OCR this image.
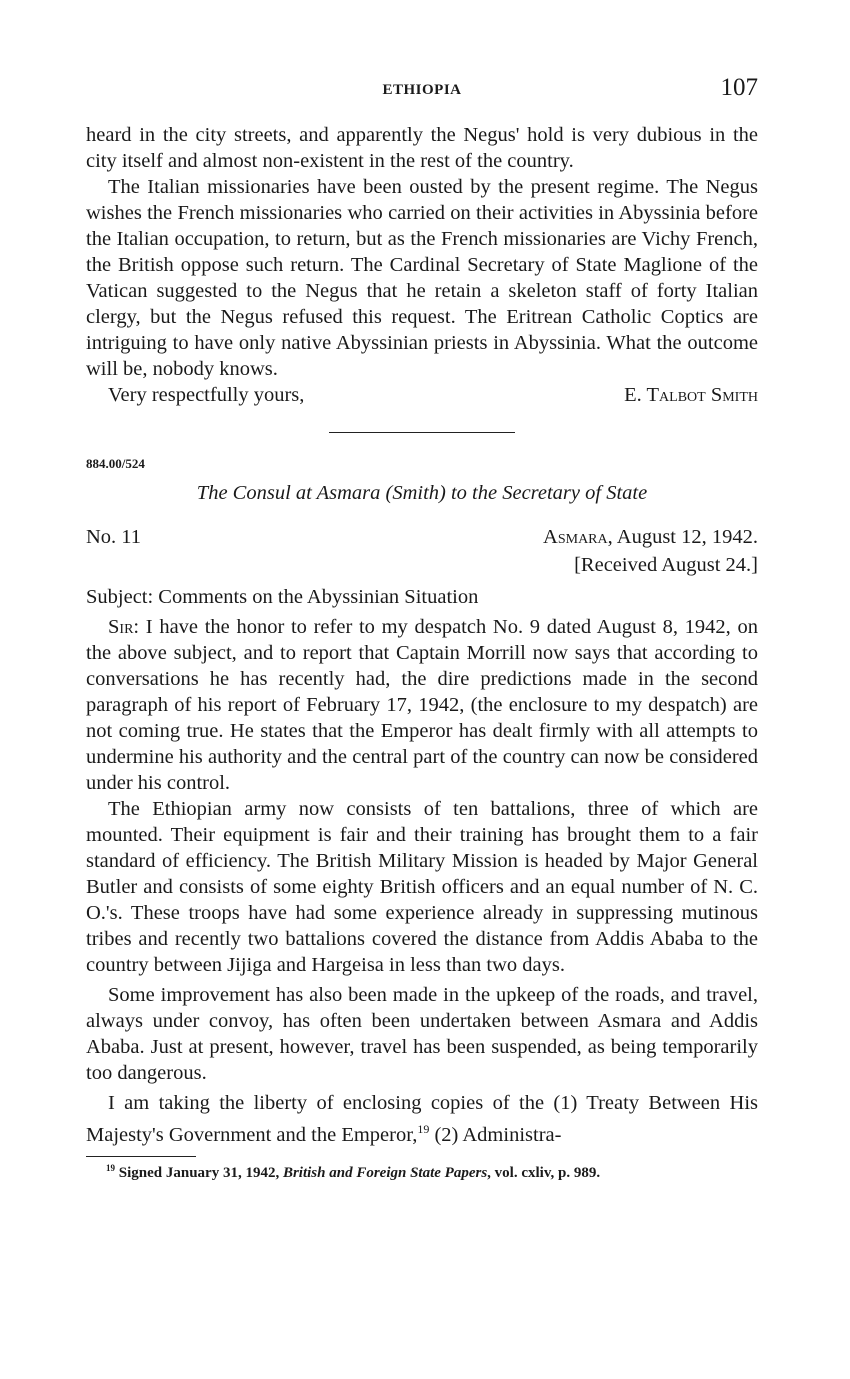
ETHIOPIA	107

heard in the city streets, and apparently the Negus' hold is very dubious in the city itself and almost non-existent in the rest of the country.

The Italian missionaries have been ousted by the present regime. The Negus wishes the French missionaries who carried on their activities in Abyssinia before the Italian occupation, to return, but as the French missionaries are Vichy French, the British oppose such return. The Cardinal Secretary of State Maglione of the Vatican suggested to the Negus that he retain a skeleton staff of forty Italian clergy, but the Negus refused this request. The Eritrean Catholic Coptics are intriguing to have only native Abyssinian priests in Abyssinia. What the outcome will be, nobody knows.

Very respectfully yours,	E. Talbot Smith
884.00/524
The Consul at Asmara (Smith) to the Secretary of State
No. 11	Asmara, August 12, 1942.
[Received August 24.]
Subject: Comments on the Abyssinian Situation

Sir: I have the honor to refer to my despatch No. 9 dated August 8, 1942, on the above subject, and to report that Captain Morrill now says that according to conversations he has recently had, the dire predictions made in the second paragraph of his report of February 17, 1942, (the enclosure to my despatch) are not coming true. He states that the Emperor has dealt firmly with all attempts to undermine his authority and the central part of the country can now be considered under his control.

The Ethiopian army now consists of ten battalions, three of which are mounted. Their equipment is fair and their training has brought them to a fair standard of efficiency. The British Military Mission is headed by Major General Butler and consists of some eighty British officers and an equal number of N. C. O.'s. These troops have had some experience already in suppressing mutinous tribes and recently two battalions covered the distance from Addis Ababa to the country between Jijiga and Hargeisa in less than two days.

Some improvement has also been made in the upkeep of the roads, and travel, always under convoy, has often been undertaken between Asmara and Addis Ababa. Just at present, however, travel has been suspended, as being temporarily too dangerous.

I am taking the liberty of enclosing copies of the (1) Treaty Between His Majesty's Government and the Emperor,$^{19}$ (2) Administra-

$^{19}$ Signed January 31, 1942, British and Foreign State Papers, vol. cxliv, p. 989.
